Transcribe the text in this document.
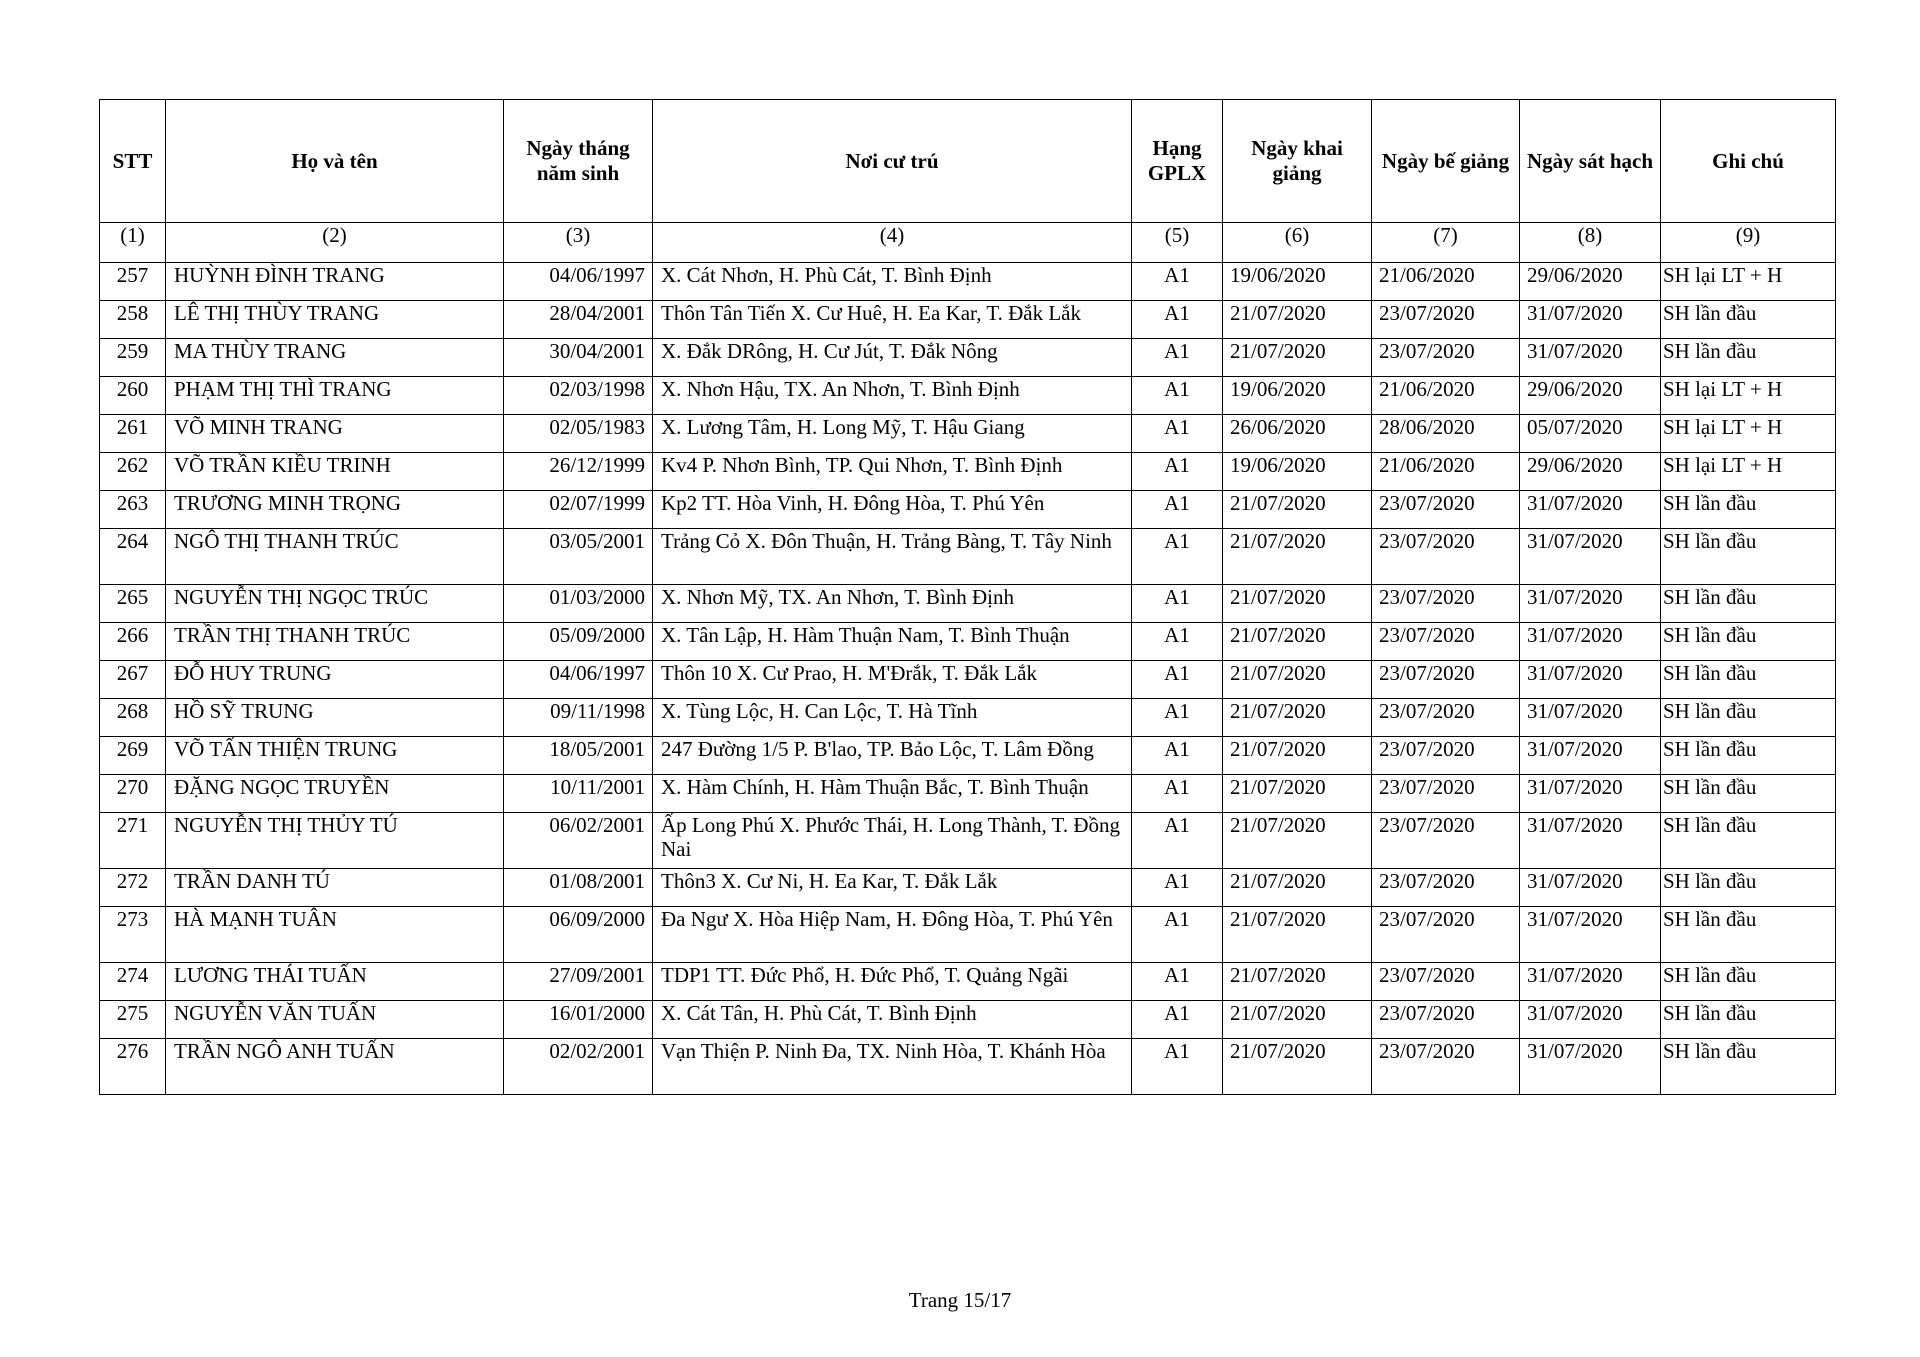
STT	Họ và tên	Ngày tháng năm sinh	Nơi cư trú	Hạng GPLX	Ngày khai giảng	Ngày bế giảng	Ngày sát hạch	Ghi chú
(1)	(2)	(3)	(4)	(5)	(6)	(7)	(8)	(9)
257	HUỲNH ĐÌNH TRANG	04/06/1997	X. Cát Nhơn, H. Phù Cát, T. Bình Định	A1	19/06/2020	21/06/2020	29/06/2020	SH lại LT + H
258	LÊ THỊ THÙY TRANG	28/04/2001	Thôn Tân Tiến X. Cư Huê, H. Ea Kar, T. Đắk Lắk	A1	21/07/2020	23/07/2020	31/07/2020	SH lần đầu
259	MA THÙY TRANG	30/04/2001	X. Đắk DRông, H. Cư Jút, T. Đắk Nông	A1	21/07/2020	23/07/2020	31/07/2020	SH lần đầu
260	PHẠM THỊ THÌ TRANG	02/03/1998	X. Nhơn Hậu, TX. An Nhơn, T. Bình Định	A1	19/06/2020	21/06/2020	29/06/2020	SH lại LT + H
261	VÕ MINH TRANG	02/05/1983	X. Lương Tâm, H. Long Mỹ, T. Hậu Giang	A1	26/06/2020	28/06/2020	05/07/2020	SH lại LT + H
262	VÕ TRẦN KIỀU TRINH	26/12/1999	Kv4 P. Nhơn Bình, TP. Qui Nhơn, T. Bình Định	A1	19/06/2020	21/06/2020	29/06/2020	SH lại LT + H
263	TRƯƠNG MINH TRỌNG	02/07/1999	Kp2 TT. Hòa Vinh, H. Đông Hòa, T. Phú Yên	A1	21/07/2020	23/07/2020	31/07/2020	SH lần đầu
264	NGÔ THỊ THANH TRÚC	03/05/2001	Trảng Cỏ X. Đôn Thuận, H. Trảng Bàng, T. Tây Ninh	A1	21/07/2020	23/07/2020	31/07/2020	SH lần đầu
265	NGUYỄN THỊ NGỌC TRÚC	01/03/2000	X. Nhơn Mỹ, TX. An Nhơn, T. Bình Định	A1	21/07/2020	23/07/2020	31/07/2020	SH lần đầu
266	TRẦN THỊ THANH TRÚC	05/09/2000	X. Tân Lập, H. Hàm Thuận Nam, T. Bình Thuận	A1	21/07/2020	23/07/2020	31/07/2020	SH lần đầu
267	ĐỖ HUY TRUNG	04/06/1997	Thôn 10 X. Cư Prao, H. M'Đrắk, T. Đắk Lắk	A1	21/07/2020	23/07/2020	31/07/2020	SH lần đầu
268	HỒ SỸ TRUNG	09/11/1998	X. Tùng Lộc, H. Can Lộc, T. Hà Tĩnh	A1	21/07/2020	23/07/2020	31/07/2020	SH lần đầu
269	VÕ TẤN THIỆN TRUNG	18/05/2001	247 Đường 1/5 P. B'lao, TP. Bảo Lộc, T. Lâm Đồng	A1	21/07/2020	23/07/2020	31/07/2020	SH lần đầu
270	ĐẶNG NGỌC TRUYỀN	10/11/2001	X. Hàm Chính, H. Hàm Thuận Bắc, T. Bình Thuận	A1	21/07/2020	23/07/2020	31/07/2020	SH lần đầu
271	NGUYỄN THỊ THỦY TÚ	06/02/2001	Ấp Long Phú X. Phước Thái, H. Long Thành, T. Đồng Nai	A1	21/07/2020	23/07/2020	31/07/2020	SH lần đầu
272	TRẦN DANH TÚ	01/08/2001	Thôn3 X. Cư Ni, H. Ea Kar, T. Đắk Lắk	A1	21/07/2020	23/07/2020	31/07/2020	SH lần đầu
273	HÀ MẠNH TUÂN	06/09/2000	Đa Ngư X. Hòa Hiệp Nam, H. Đông Hòa, T. Phú Yên	A1	21/07/2020	23/07/2020	31/07/2020	SH lần đầu
274	LƯƠNG THÁI TUẤN	27/09/2001	TDP1 TT. Đức Phổ, H. Đức Phổ, T. Quảng Ngãi	A1	21/07/2020	23/07/2020	31/07/2020	SH lần đầu
275	NGUYỄN VĂN TUẤN	16/01/2000	X. Cát Tân, H. Phù Cát, T. Bình Định	A1	21/07/2020	23/07/2020	31/07/2020	SH lần đầu
276	TRẦN NGÔ ANH TUẤN	02/02/2001	Vạn Thiện P. Ninh Đa, TX. Ninh Hòa, T. Khánh Hòa	A1	21/07/2020	23/07/2020	31/07/2020	SH lần đầu
Trang 15/17
